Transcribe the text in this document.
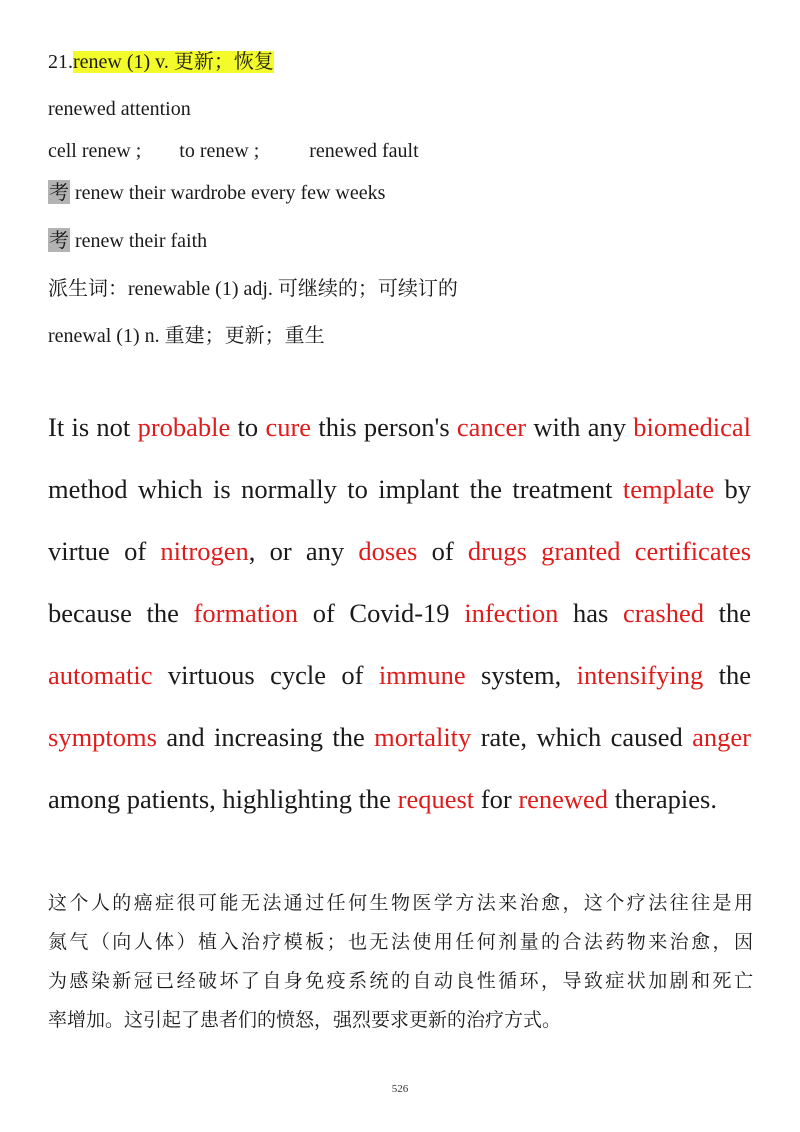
21.renew (1) v. 更新；恢复
renewed attention
cell renew ; to renew ;	renewed fault
考 renew their wardrobe every few weeks
考 renew their faith
派生词：renewable (1) adj. 可继续的；可续订的
renewal (1) n. 重建；更新；重生
It is not probable to cure this person's cancer with any biomedical
method which is normally to implant the treatment template by
virtue of nitrogen, or any doses of drugs granted certificates
because the formation of Covid-19 infection has crashed the
automatic virtuous cycle of immune system, intensifying the
symptoms and increasing the mortality rate, which caused anger
among patients, highlighting the request for renewed therapies.
这个人的癌症很可能无法通过任何生物医学方法来治愈，这个疗法往往是用
氮气（向人体）植入治疗模板；也无法使用任何剂量的合法药物来治愈，因
为感染新冠已经破坏了自身免疫系统的自动良性循环，导致症状加剧和死亡
率增加。这引起了患者们的愤怒，强烈要求更新的治疗方式。
526
